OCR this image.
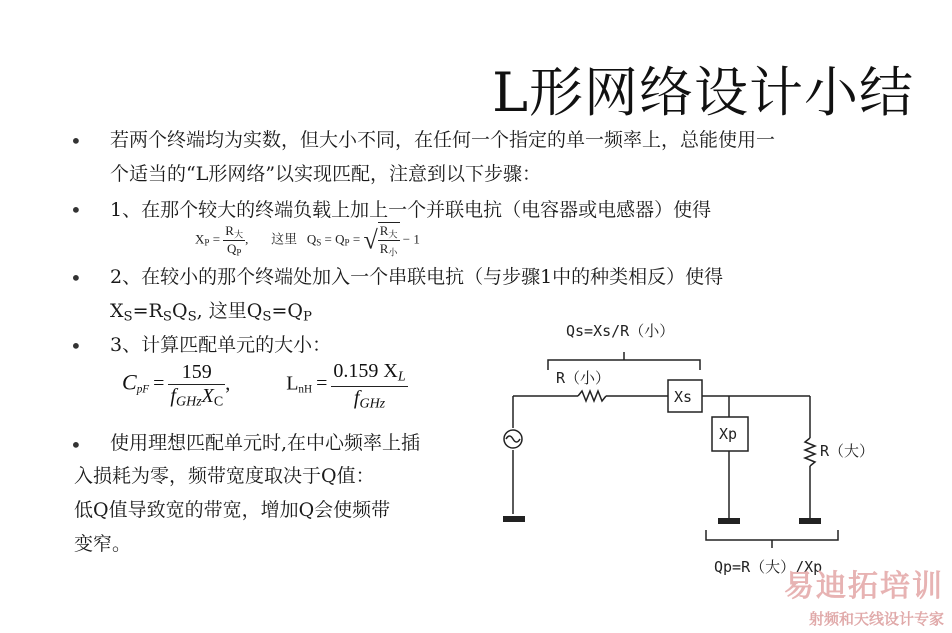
L形网络设计小结
• 若两个终端均为实数，但大小不同，在任何一个指定的单一频率上，总能使用一
个适当的“L形网络”以实现匹配，注意到以下步骤：
• 1、在那个较大的终端负载上加上一个并联电抗（电容器或电感器）使得
$X_P = \frac{R_大}{Q_P}$ , 这里 $Q_S = Q_P$ = √ $\frac{R_大}{R_小} - 1$
• 2、在较小的那个终端处加入一个串联电抗（与步骤1中的种类相反）使得
$X_S=R_SQ_S$, 这里$Q_S=Q_P$
• 3、计算匹配单元的大小：
$C_{pF} = \frac{159}{f_{GHz}X_C}$ ,	$L_{nH} = \frac{0.159 X_L}{f_{GHz}}$
• 使用理想匹配单元时,在中心频率上插
入损耗为零，频带宽度取决于Q值：
低Q值导致宽的带宽，增加Q会使频带
变窄。
Qs=Xs/R（小）
R（小）
Xs
Xp
R（大）
Qp=R（大）/Xp
易迪拓培训
射频和天线设计专家
